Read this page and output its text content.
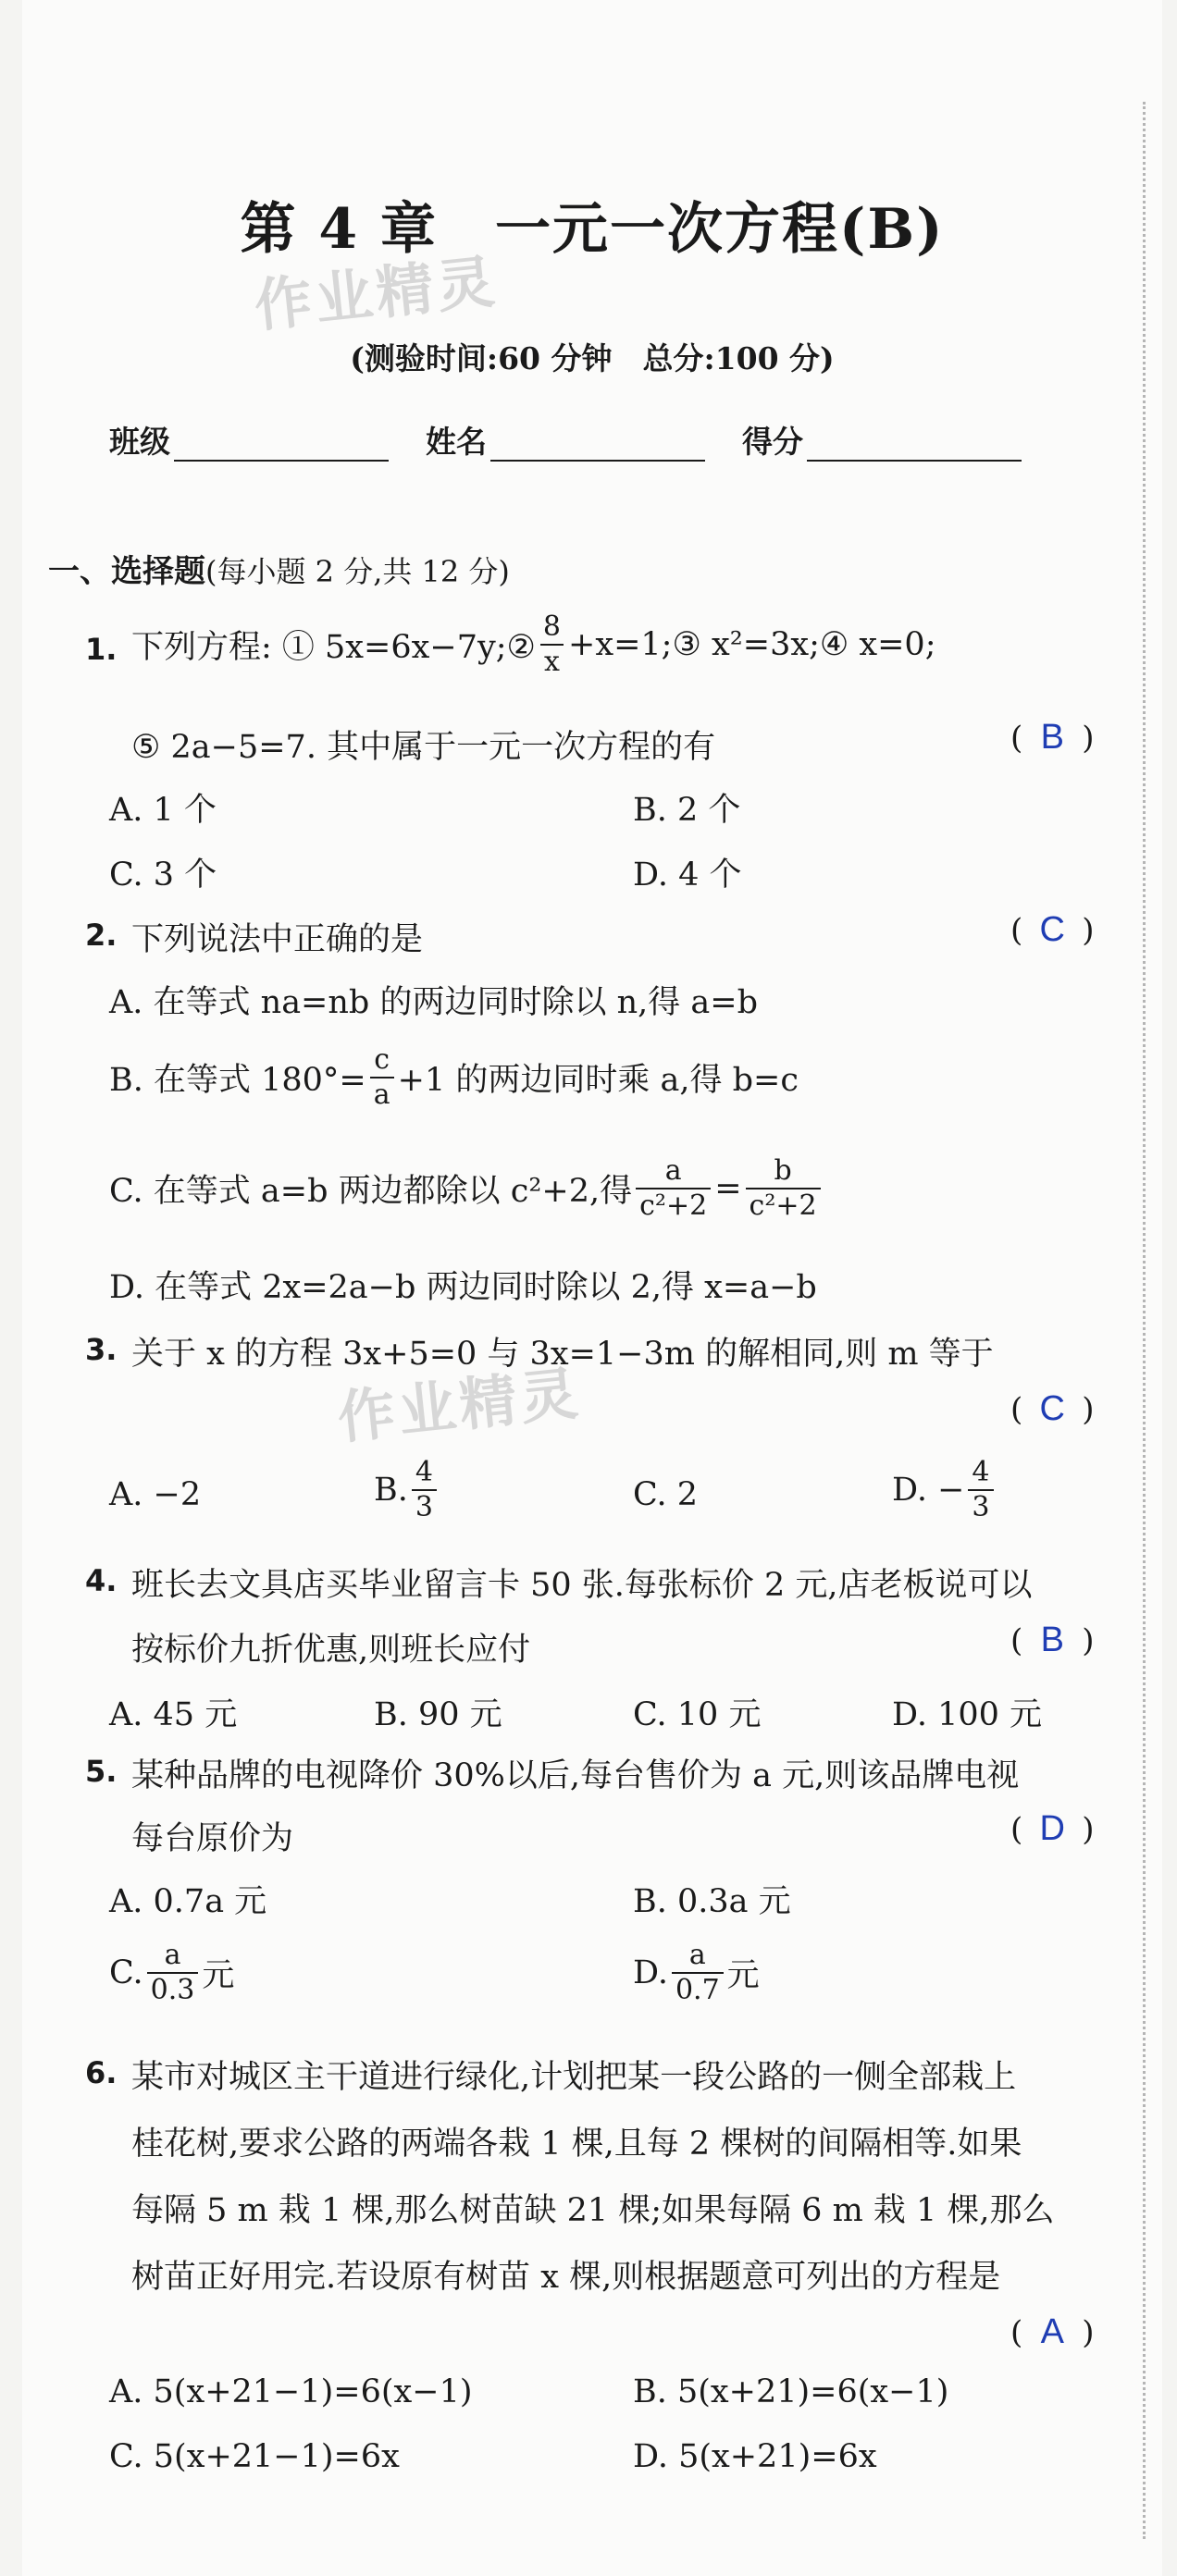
第 4 章　一元一次方程(B)
作业精灵
(测验时间:60 分钟　总分:100 分)
班级	姓名	得分
一、选择题(每小题 2 分,共 12 分)
1. 下列方程: ① 5x=6x−7y;② $\frac{8}{x}$ +x=1;③ x²=3x;④ x=0;
⑤ 2a−5=7. 其中属于一元一次方程的有	( B )
A. 1 个	B. 2 个
C. 3 个	D. 4 个
2. 下列说法中正确的是	( C )
A. 在等式 na=nb 的两边同时除以 n,得 a=b
B. 在等式 $180^\circ= \frac{c}{a} +1$ 的两边同时乘 a,得 b=c
C. 在等式 a=b 两边都除以 c²+2,得 $\frac{a}{\text{c²+2}} = \frac{b}{\text{c²+2}}$
D. 在等式 2x=2a−b 两边同时除以 2,得 x=a−b
3. 关于 x 的方程 3x+5=0 与 3x=1−3m 的解相同,则 m 等于
作业精灵	( C )
A. −2	B. $\frac{4}{3}$	C. 2	D. − $\frac{4}{3}$
4. 班长去文具店买毕业留言卡 50 张.每张标价 2 元,店老板说可以
按标价九折优惠,则班长应付	( B )
A. 45 元	B. 90 元	C. 10 元	D. 100 元
5. 某种品牌的电视降价 30%以后,每台售价为 a 元,则该品牌电视
每台原价为	( D )
A. 0.7a 元	B. 0.3a 元
C. $\frac{a}{0.3}$ 元	D. $\frac{a}{0.7}$ 元
6. 某市对城区主干道进行绿化,计划把某一段公路的一侧全部栽上
桂花树,要求公路的两端各栽 1 棵,且每 2 棵树的间隔相等.如果
每隔 5 m 栽 1 棵,那么树苗缺 21 棵;如果每隔 6 m 栽 1 棵,那么
树苗正好用完.若设原有树苗 x 棵,则根据题意可列出的方程是
( A )
A. 5(x+21−1)=6(x−1)	B. 5(x+21)=6(x−1)
C. 5(x+21−1)=6x	D. 5(x+21)=6x
